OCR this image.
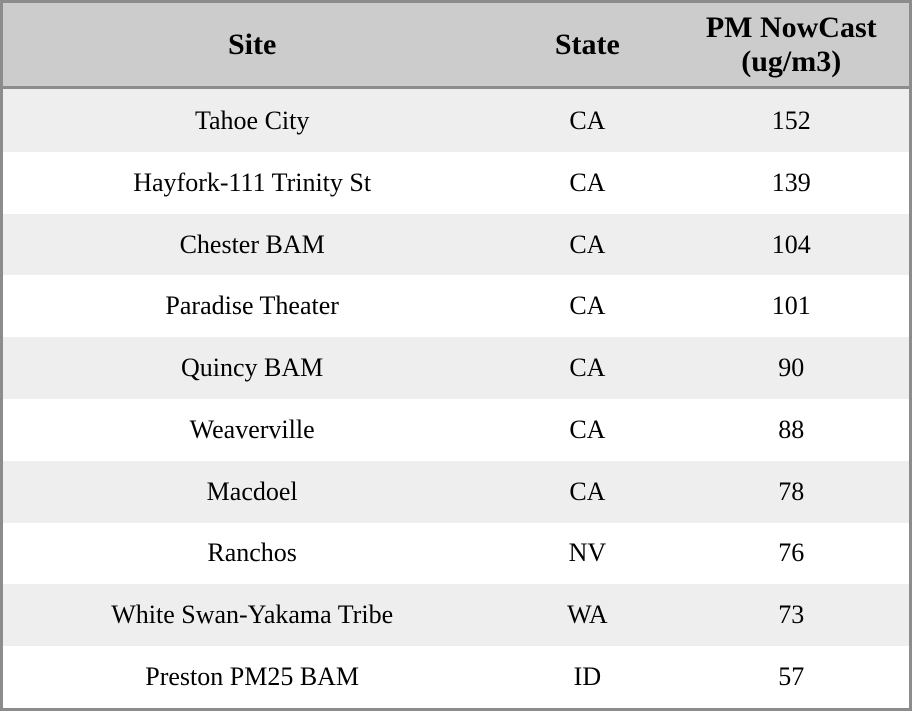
Site	State	PM NowCast (ug/m3)
Tahoe City	CA	152
Hayfork-111 Trinity St	CA	139
Chester BAM	CA	104
Paradise Theater	CA	101
Quincy BAM	CA	90
Weaverville	CA	88
Macdoel	CA	78
Ranchos	NV	76
White Swan-Yakama Tribe	WA	73
Preston PM25 BAM	ID	57
